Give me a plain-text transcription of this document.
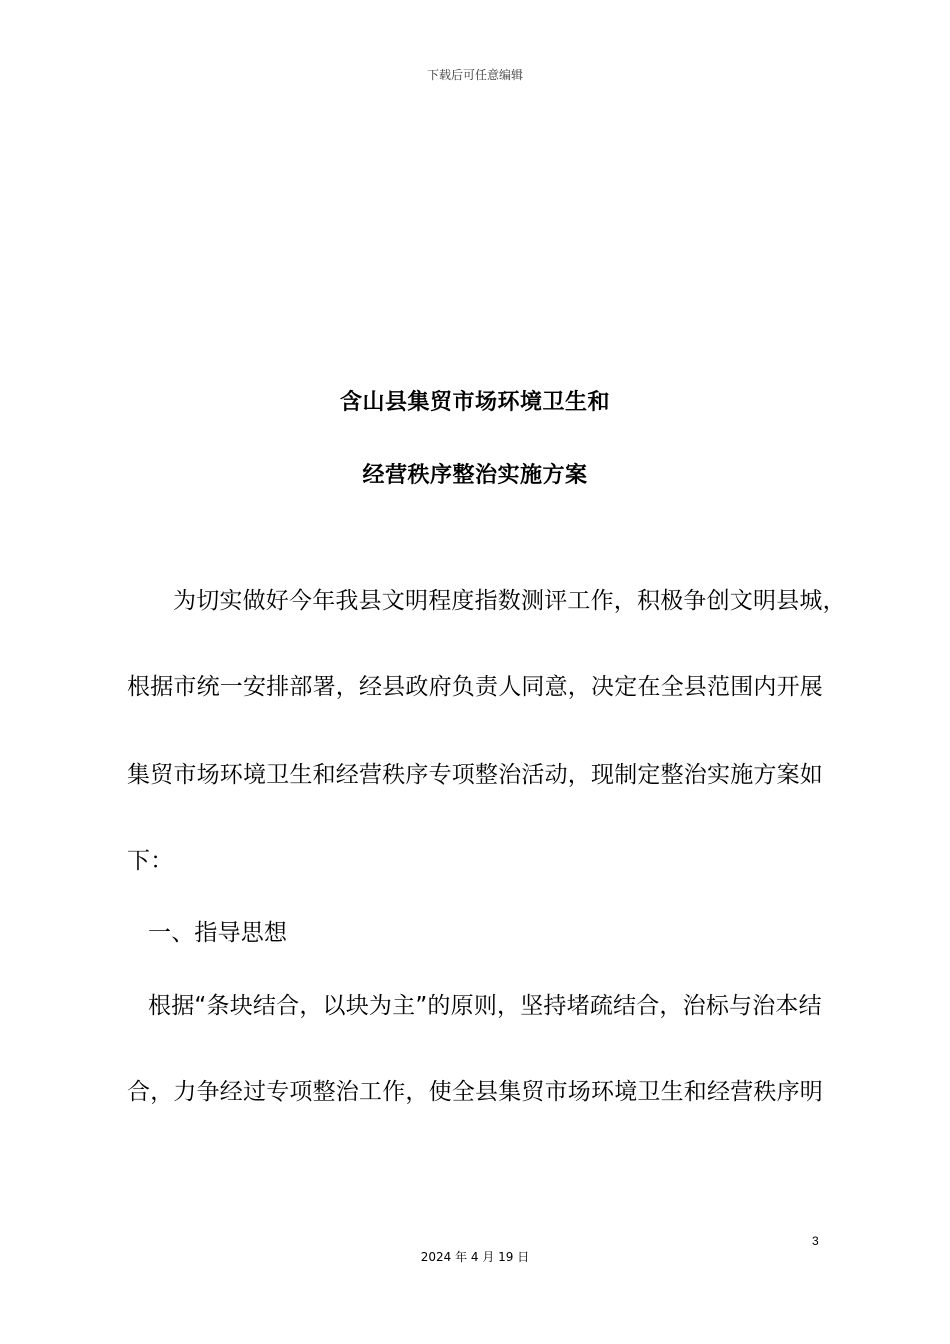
下载后可任意编辑
含山县集贸市场环境卫生和
经营秩序整治实施方案
为切实做好今年我县文明程度指数测评工作，积极争创文明县城，
根据市统一安排部署，经县政府负责人同意，决定在全县范围内开展
集贸市场环境卫生和经营秩序专项整治活动，现制定整治实施方案如
下：
一、指导思想
根据“条块结合，以块为主”的原则，坚持堵疏结合，治标与治本结
合，力争经过专项整治工作，使全县集贸市场环境卫生和经营秩序明
3
2024 年 4 月 19 日
